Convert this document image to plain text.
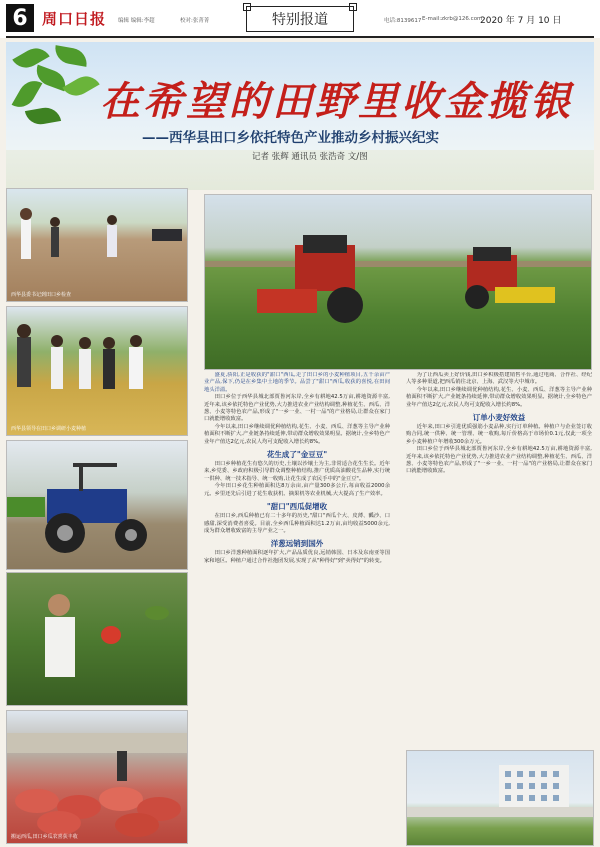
6 周口日报 编辑 编辑:李超	校对:张菁菁	特别报道	电话:8139617 E-mail:zkrb@126.com
2020 年 7 月 10 日
在希望的田野里收金揽银
——西华县田口乡依托特色产业推动乡村振兴纪实
记者 张辉 通讯员 张浩奇 文/图
西华县委书记到田口乡检查
西华县领导在田口乡调研小麦种植
搬运西瓜,田口乡瓜农喜获丰收

盛夏,骄阳,正是收获的"甜口"西瓜,走了田口乡的小麦种植项目,五千余亩产业产品,保下,仍是在乡集中土地的季节。品尝了"甜口"西瓜,收获的喜悦,在田间地头洋溢。

田口乡位于西华县城北部贾鲁河东岸,全乡有耕地42.5万亩,耕地资源丰富,近年来,该乡依托特色产业优势,大力推进农业产业结构调整,种植花生、西瓜、洋葱、小麦等特色农产品,形成了"一乡一业、一村一品"的产业格局,让群众在家门口就能增收致富。

今年以来,田口乡继续调优种植结构,花生、小麦、西瓜、洋葱等主导产业种植面积不断扩大,产业链条持续延伸,带动群众增收效果明显。据统计,全乡特色产业年产值达2亿元,农民人均可支配收入增长约8%。

花生成了"金豆豆"

田口乡种植花生有悠久的历史,土壤以沙壤土为主,非常适合花生生长。近年来,乡党委、乡政府积极引导群众调整种植结构,推广优质高油酸花生品种,实行统一供种、统一技术指导、统一收购,让花生成了农民手中的"金豆豆"。

今年田口乡花生种植面积达8万余亩,亩产量300多公斤,每亩收益2000余元。乡里还先后引进了花生收获机、摘果机等农业机械,大大提高了生产效率。

"甜口"西瓜促增收

在田口乡,西瓜种植已有二十多年的历史,"甜口"西瓜个大、皮薄、瓤沙、口感甜,深受消费者喜爱。目前,全乡西瓜种植面积达1.2万亩,亩均收益5000余元,成为群众增收致富的主导产业之一。

洋葱远销到国外

田口乡洋葱种植面积逐年扩大,产品品质优良,远销韩国、日本及东南亚等国家和地区。种植户通过合作社抱团发展,实现了从"种得好"到"卖得好"的转变。

为了让西瓜卖上好价钱,田口乡积极搭建销售平台,通过电商、合作社、经纪人等多种渠道,把西瓜销往北京、上海、武汉等大中城市。

今年以来,田口乡继续调优种植结构,花生、小麦、西瓜、洋葱等主导产业种植面积不断扩大,产业链条持续延伸,带动群众增收效果明显。据统计,全乡特色产业年产值达2亿元,农民人均可支配收入增长约8%。

订单小麦好效益

近年来,田口乡引进优质强筋小麦品种,实行订单种植。种植户与企业签订收购合同,统一供种、统一管理、统一收购,每斤价格高于市场价0.1元,仅此一项全乡小麦种植户年增收300余万元。

田口乡位于西华县城北部贾鲁河东岸,全乡有耕地42.5万亩,耕地资源丰富,近年来,该乡依托特色产业优势,大力推进农业产业结构调整,种植花生、西瓜、洋葱、小麦等特色农产品,形成了"一乡一业、一村一品"的产业格局,让群众在家门口就能增收致富。
